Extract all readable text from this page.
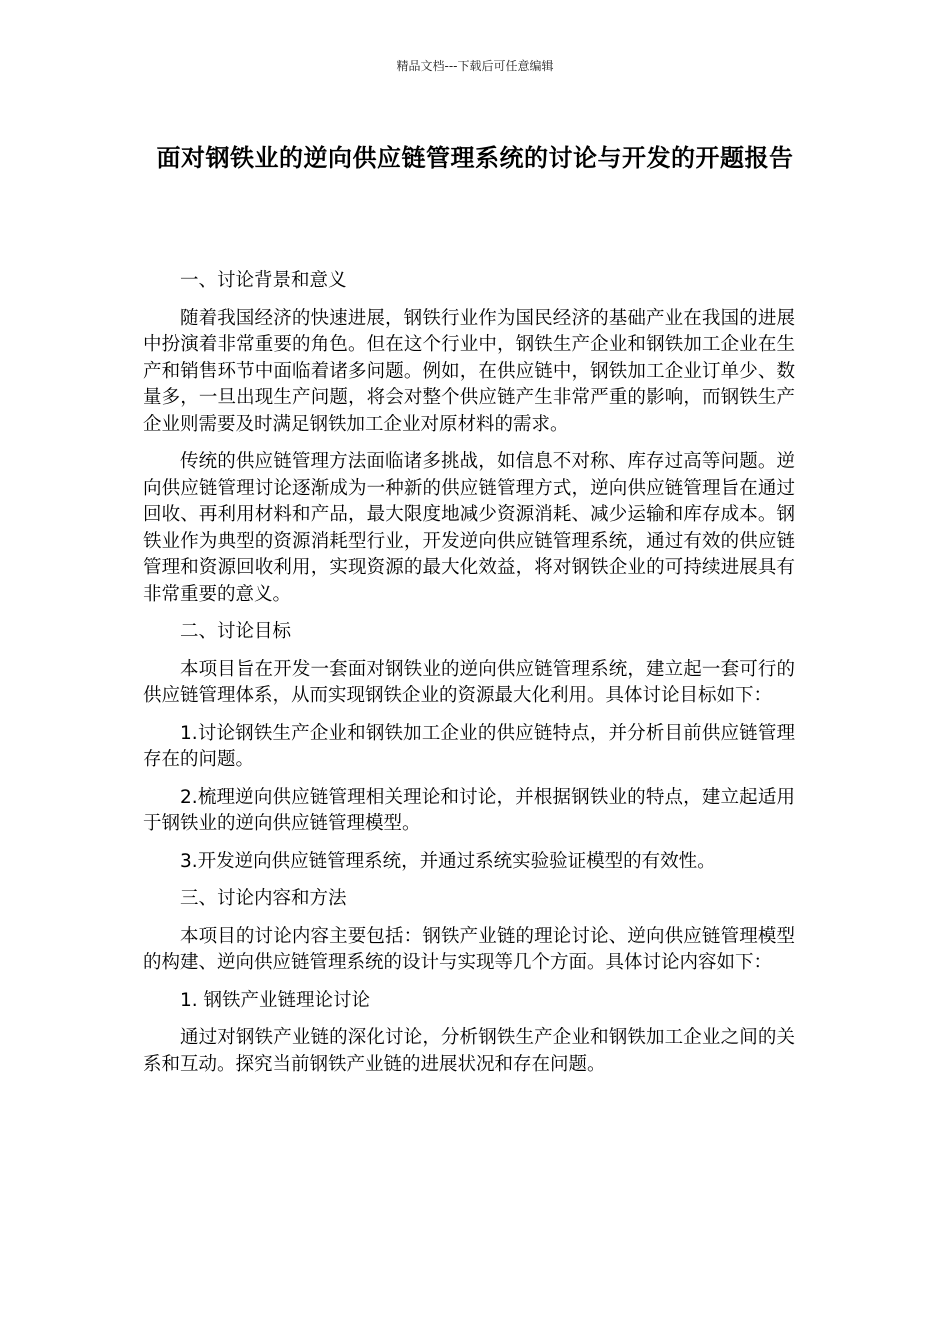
精品文档---下载后可任意编辑
面对钢铁业的逆向供应链管理系统的讨论与开发的开题报告

一、讨论背景和意义

随着我国经济的快速进展，钢铁行业作为国民经济的基础产业在我国的进展中扮演着非常重要的角色。但在这个行业中，钢铁生产企业和钢铁加工企业在生产和销售环节中面临着诸多问题。例如，在供应链中，钢铁加工企业订单少、数量多，一旦出现生产问题，将会对整个供应链产生非常严重的影响，而钢铁生产企业则需要及时满足钢铁加工企业对原材料的需求。

传统的供应链管理方法面临诸多挑战，如信息不对称、库存过高等问题。逆向供应链管理讨论逐渐成为一种新的供应链管理方式，逆向供应链管理旨在通过回收、再利用材料和产品，最大限度地减少资源消耗、减少运输和库存成本。钢铁业作为典型的资源消耗型行业，开发逆向供应链管理系统，通过有效的供应链管理和资源回收利用，实现资源的最大化效益，将对钢铁企业的可持续进展具有非常重要的意义。

二、讨论目标

本项目旨在开发一套面对钢铁业的逆向供应链管理系统，建立起一套可行的供应链管理体系，从而实现钢铁企业的资源最大化利用。具体讨论目标如下：

1.讨论钢铁生产企业和钢铁加工企业的供应链特点，并分析目前供应链管理存在的问题。

2.梳理逆向供应链管理相关理论和讨论，并根据钢铁业的特点，建立起适用于钢铁业的逆向供应链管理模型。

3.开发逆向供应链管理系统，并通过系统实验验证模型的有效性。

三、讨论内容和方法

本项目的讨论内容主要包括：钢铁产业链的理论讨论、逆向供应链管理模型的构建、逆向供应链管理系统的设计与实现等几个方面。具体讨论内容如下：

1. 钢铁产业链理论讨论

通过对钢铁产业链的深化讨论，分析钢铁生产企业和钢铁加工企业之间的关系和互动。探究当前钢铁产业链的进展状况和存在问题。
